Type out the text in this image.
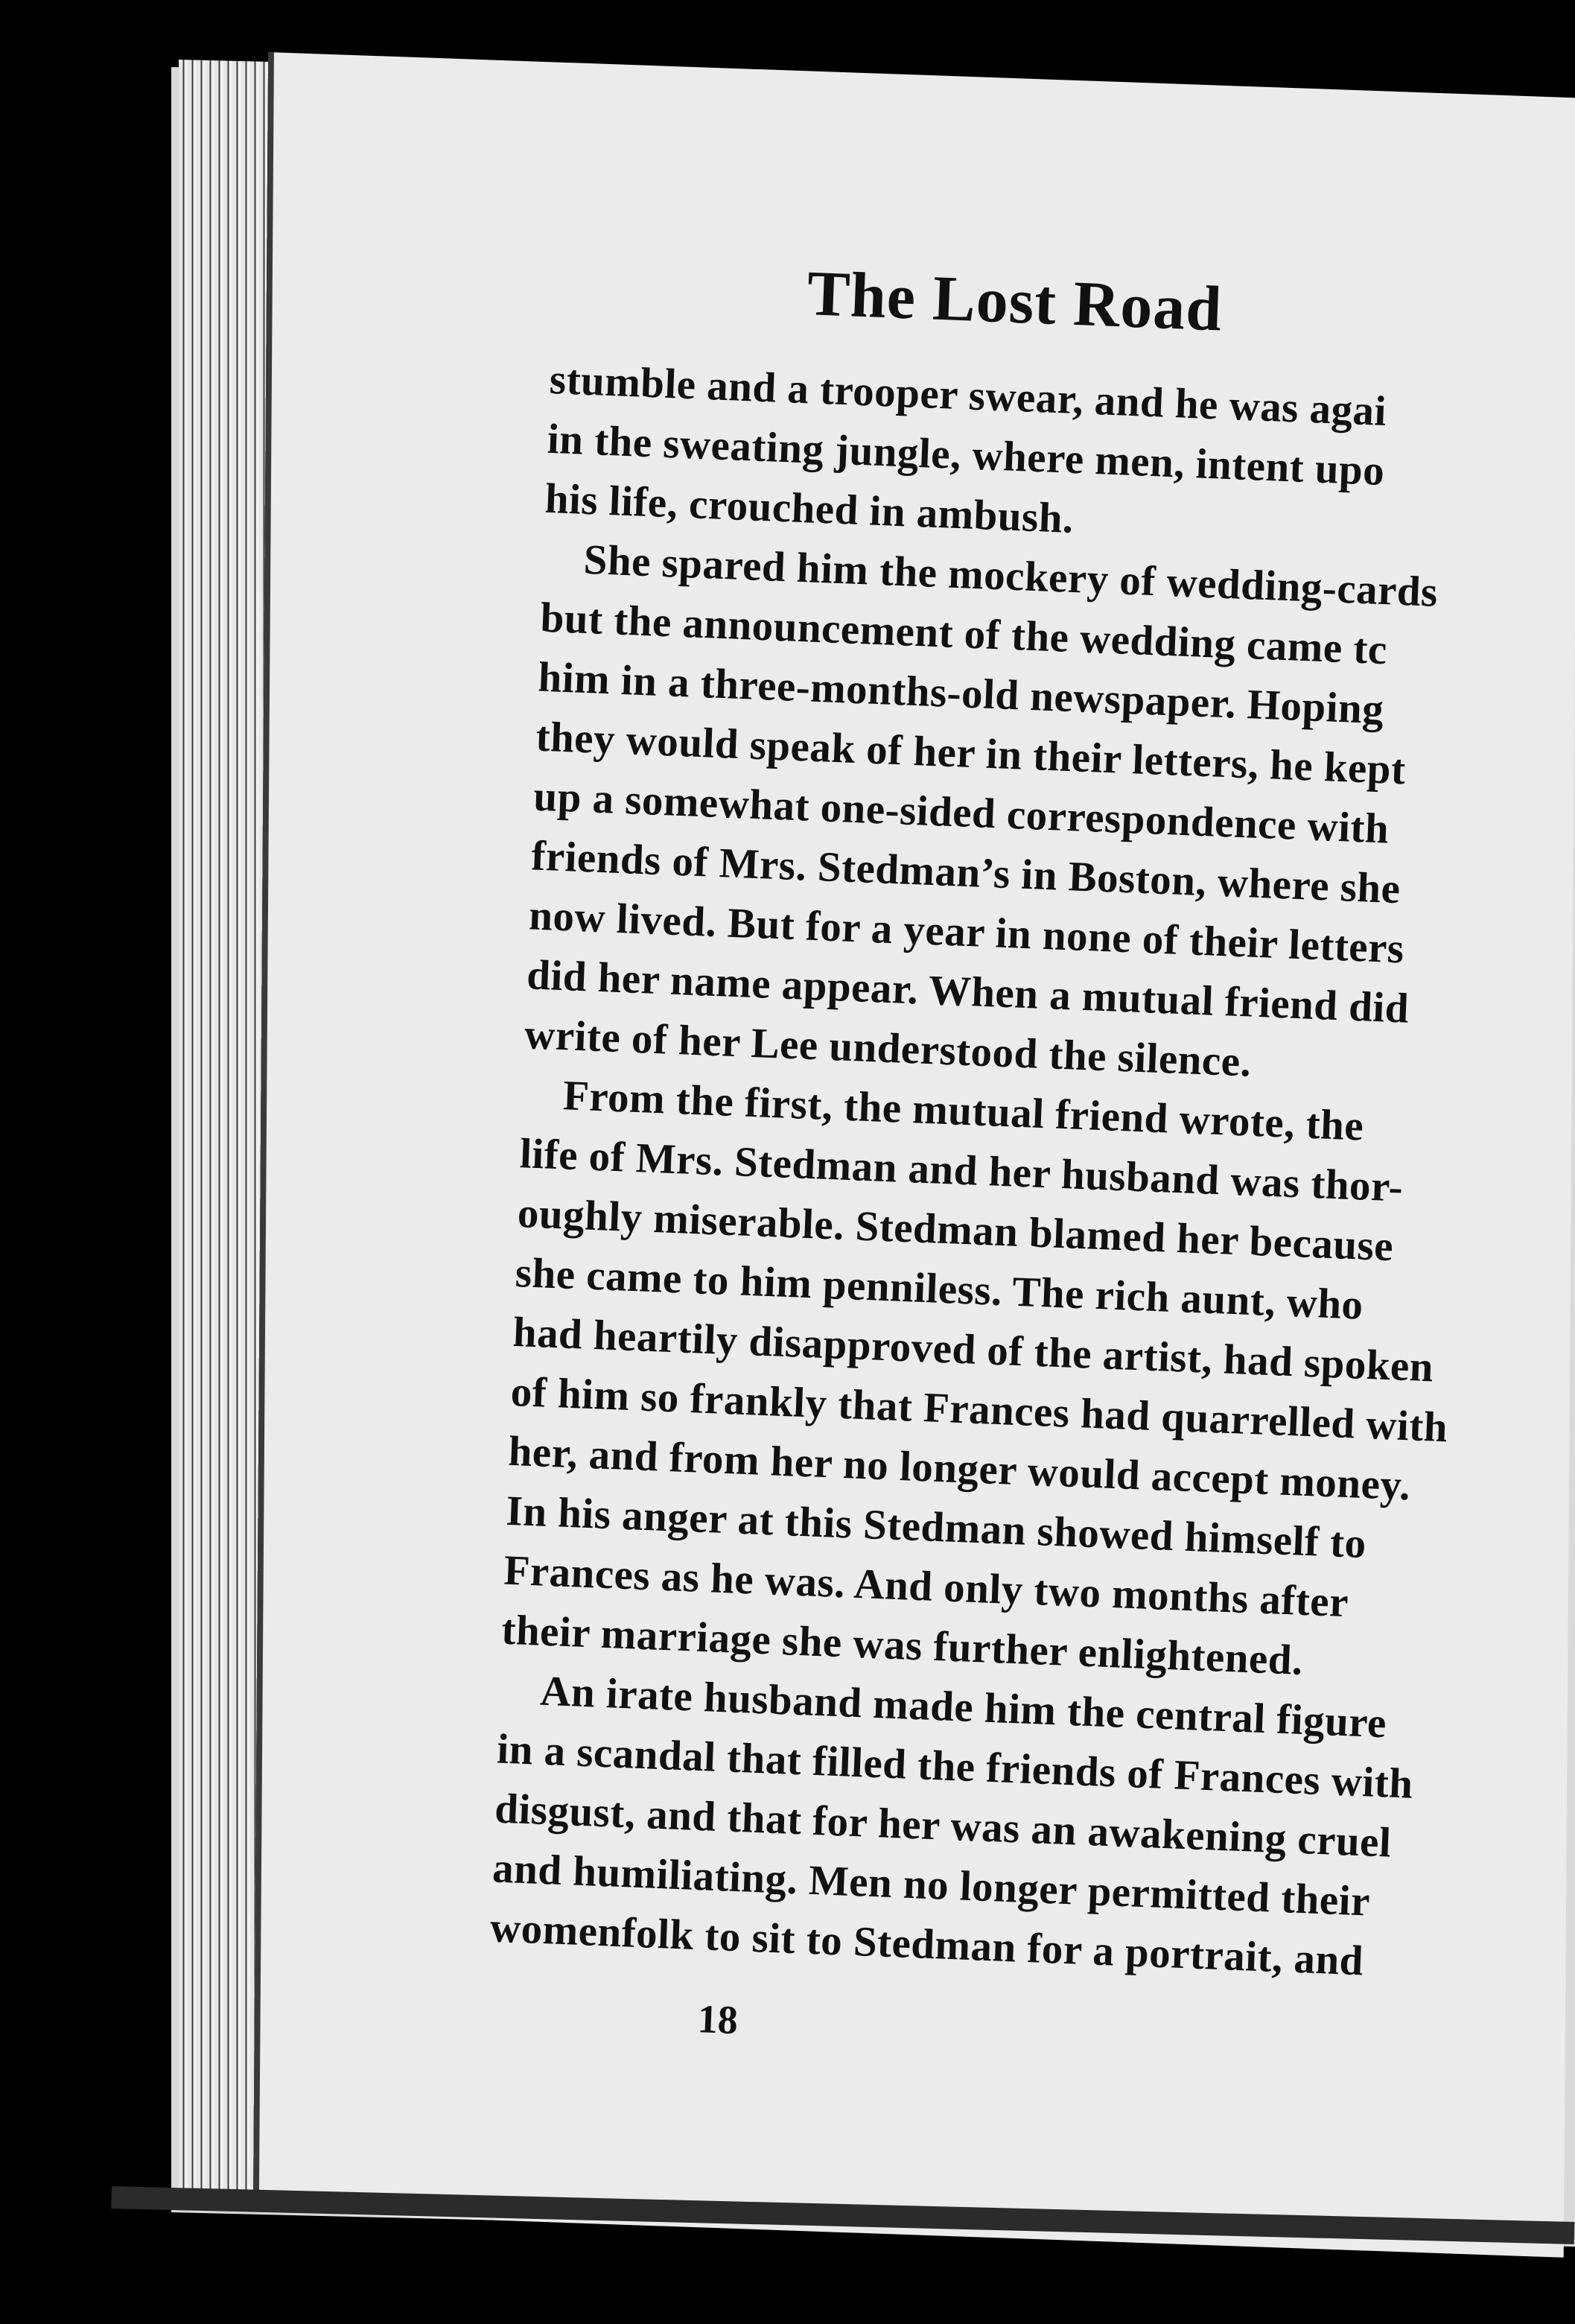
The Lost Road
stumble and a trooper swear, and he was agai
in the sweating jungle, where men, intent upo
his life, crouched in ambush.
She spared him the mockery of wedding-cards
but the announcement of the wedding came tc
him in a three-months-old newspaper. Hoping
they would speak of her in their letters, he kept
up a somewhat one-sided correspondence with
friends of Mrs. Stedman’s in Boston, where she
now lived. But for a year in none of their letters
did her name appear. When a mutual friend did
write of her Lee understood the silence.
From the first, the mutual friend wrote, the
life of Mrs. Stedman and her husband was thor-
oughly miserable. Stedman blamed her because
she came to him penniless. The rich aunt, who
had heartily disapproved of the artist, had spoken
of him so frankly that Frances had quarrelled with
her, and from her no longer would accept money.
In his anger at this Stedman showed himself to
Frances as he was. And only two months after
their marriage she was further enlightened.
An irate husband made him the central figure
in a scandal that filled the friends of Frances with
disgust, and that for her was an awakening cruel
and humiliating. Men no longer permitted their
womenfolk to sit to Stedman for a portrait, and
18
